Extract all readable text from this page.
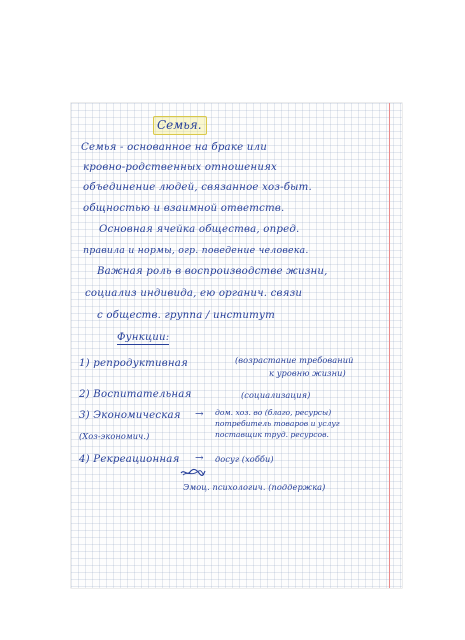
Семья.
Семья - основанное на браке или
кровно-родственных отношениях
объединение людей, связанное хоз-быт.
общностью и взаимной ответств.
Основная ячейка общества, опред.
правила и нормы, огр. поведение человека.
Важная роль в воспроизводстве жизни,
социализ индивида, ею органич. связи
с обществ. группа / институт
Функции:
1) репродуктивная	(возрастание требований
к уровню жизни)
2) Воспитательная	(социализация)
3) Экономическая → дом. хоз. во (благо, ресурсы)
потребитель товаров и услуг
поставщик труд. ресурсов.
(Хоз-экономич.)
4) Рекреационная → досуг (хобби)
Эмоц. психологич. (поддержка)
